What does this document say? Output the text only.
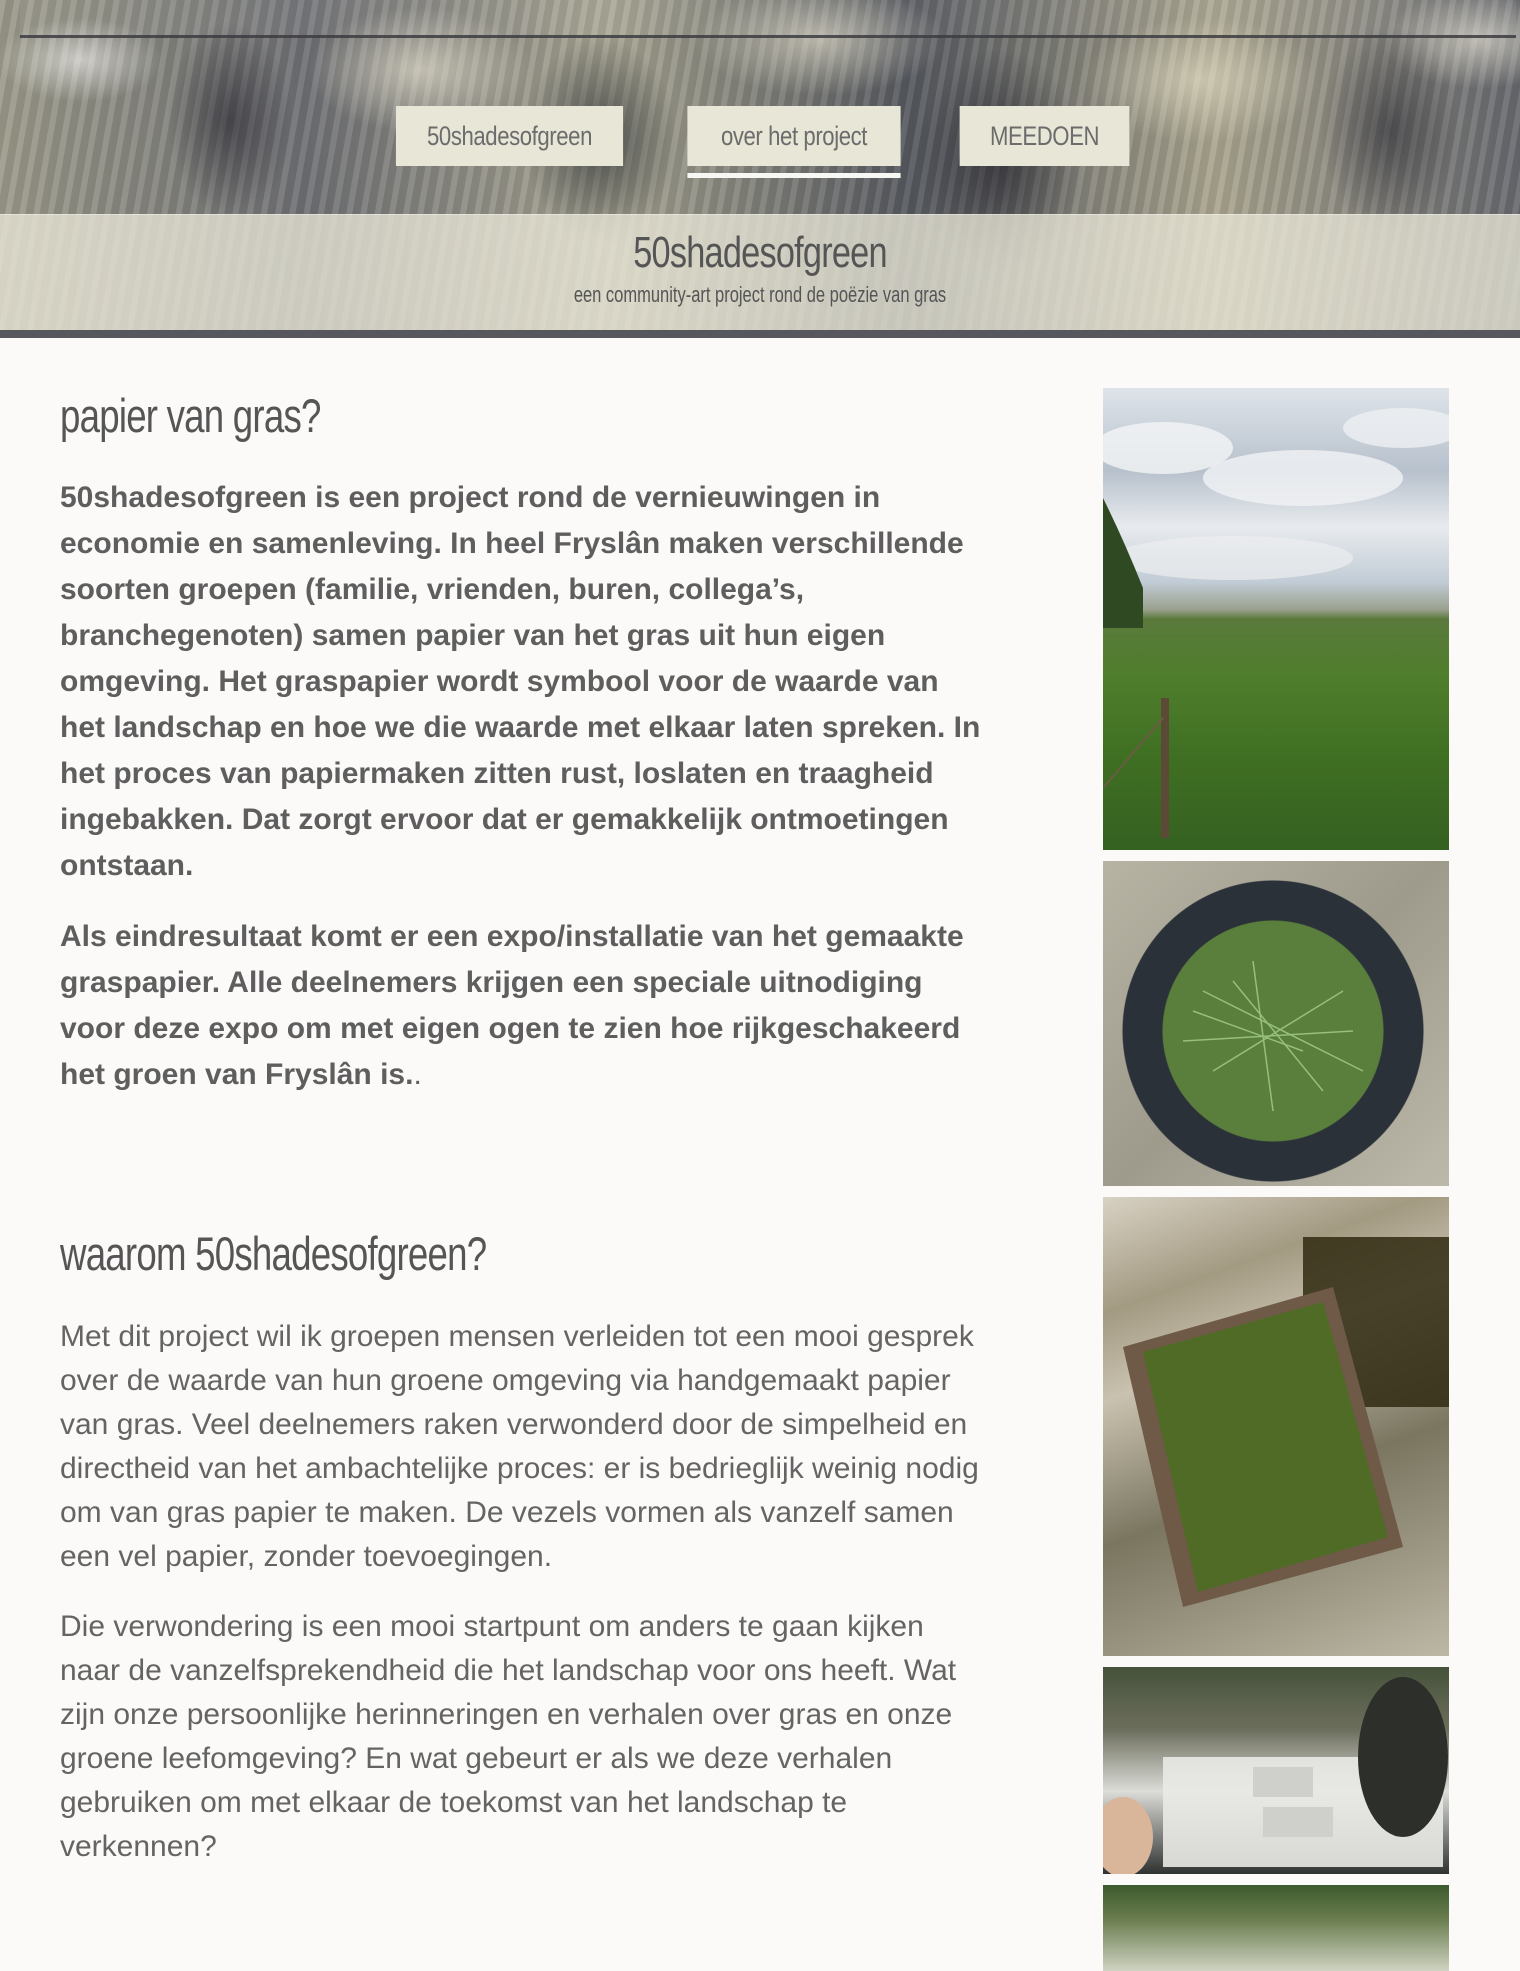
50shadesofgreen	over het project	MEEDOEN
50shadesofgreen
een community-art project rond de poëzie van gras
papier van gras?

50shadesofgreen is een project rond de vernieuwingen in economie en samenleving. In heel Fryslân maken verschillende soorten groepen (familie, vrienden, buren, collega’s, branchegenoten) samen papier van het gras uit hun eigen omgeving. Het graspapier wordt symbool voor de waarde van het landschap en hoe we die waarde met elkaar laten spreken. In het proces van papiermaken zitten rust, loslaten en traagheid ingebakken. Dat zorgt ervoor dat er gemakkelijk ontmoetingen ontstaan.

Als eindresultaat komt er een expo/installatie van het gemaakte graspapier. Alle deelnemers krijgen een speciale uitnodiging voor deze expo om met eigen ogen te zien hoe rijkgeschakeerd het groen van Fryslân is..

waarom 50shadesofgreen?

Met dit project wil ik groepen mensen verleiden tot een mooi gesprek over de waarde van hun groene omgeving via handgemaakt papier van gras. Veel deelnemers raken verwonderd door de simpelheid en directheid van het ambachtelijke proces: er is bedrieglijk weinig nodig om van gras papier te maken. De vezels vormen als vanzelf samen een vel papier, zonder toevoegingen.

Die verwondering is een mooi startpunt om anders te gaan kijken naar de vanzelfsprekendheid die het landschap voor ons heeft. Wat zijn onze persoonlijke herinneringen en verhalen over gras en onze groene leefomgeving? En wat gebeurt er als we deze verhalen gebruiken om met elkaar de toekomst van het landschap te verkennen?
